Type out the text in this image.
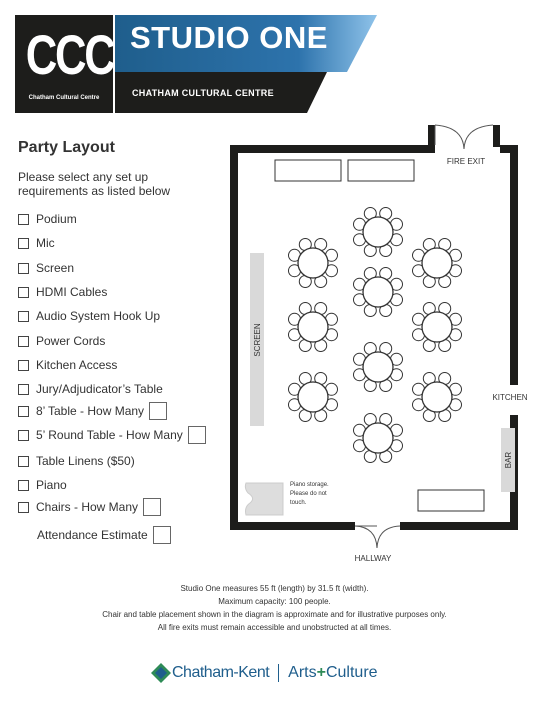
CCC
Chatham Cultural Centre
STUDIO ONE
CHATHAM CULTURAL CENTRE
Party Layout
Please select any set up requirements as listed below
Podium
Mic
Screen
HDMI Cables
Audio System Hook Up
Power Cords
Kitchen Access
Jury/Adjudicator’s Table
8’ Table - How Many
5’ Round Table - How Many
Table Linens ($50)
Piano
Chairs - How Many
Attendance Estimate
SCREEN
BAR
Piano storage.
Please do not
touch.
FIRE EXIT
KITCHEN
HALLWAY
Studio One measures 55 ft (length) by 31.5 ft (width).
Maximum capacity: 100 people.
Chair and table placement shown in the diagram is approximate and for illustrative purposes only.
All fire exits must remain accessible and unobstructed at all times.
Chatham-Kent Arts + Culture
